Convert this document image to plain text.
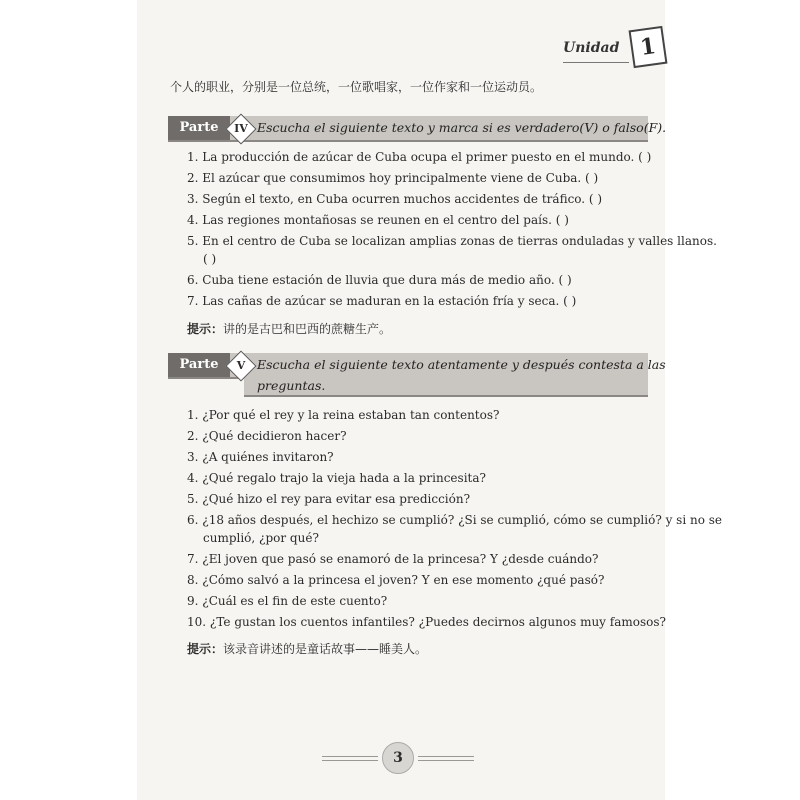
Unidad 1
个人的职业，分别是一位总统，一位歌唱家，一位作家和一位运动员。
Parte	IV Escucha el siguiente texto y marca si es verdadero(V) o falso(F).
1. La producción de azúcar de Cuba ocupa el primer puesto en el mundo. ( )
2. El azúcar que consumimos hoy principalmente viene de Cuba. ( )
3. Según el texto, en Cuba ocurren muchos accidentes de tráfico. ( )
4. Las regiones montañosas se reunen en el centro del país. ( )
5. En el centro de Cuba se localizan amplias zonas de tierras onduladas y valles llanos.
( )
6. Cuba tiene estación de lluvia que dura más de medio año. ( )
7. Las cañas de azúcar se maduran en la estación fría y seca. ( )
提示：讲的是古巴和巴西的蔗糖生产。
Parte	V Escucha el siguiente texto atentamente y después contesta a las
preguntas.
1. ¿Por qué el rey y la reina estaban tan contentos?
2. ¿Qué decidieron hacer?
3. ¿A quiénes invitaron?
4. ¿Qué regalo trajo la vieja hada a la princesita?
5. ¿Qué hizo el rey para evitar esa predicción?
6. ¿18 años después, el hechizo se cumplió? ¿Si se cumplió, cómo se cumplió? y si no se
cumplió, ¿por qué?
7. ¿El joven que pasó se enamoró de la princesa? Y ¿desde cuándo?
8. ¿Cómo salvó a la princesa el joven? Y en ese momento ¿qué pasó?
9. ¿Cuál es el fin de este cuento?
10. ¿Te gustan los cuentos infantiles? ¿Puedes decirnos algunos muy famosos?
提示：该录音讲述的是童话故事——睡美人。
3
